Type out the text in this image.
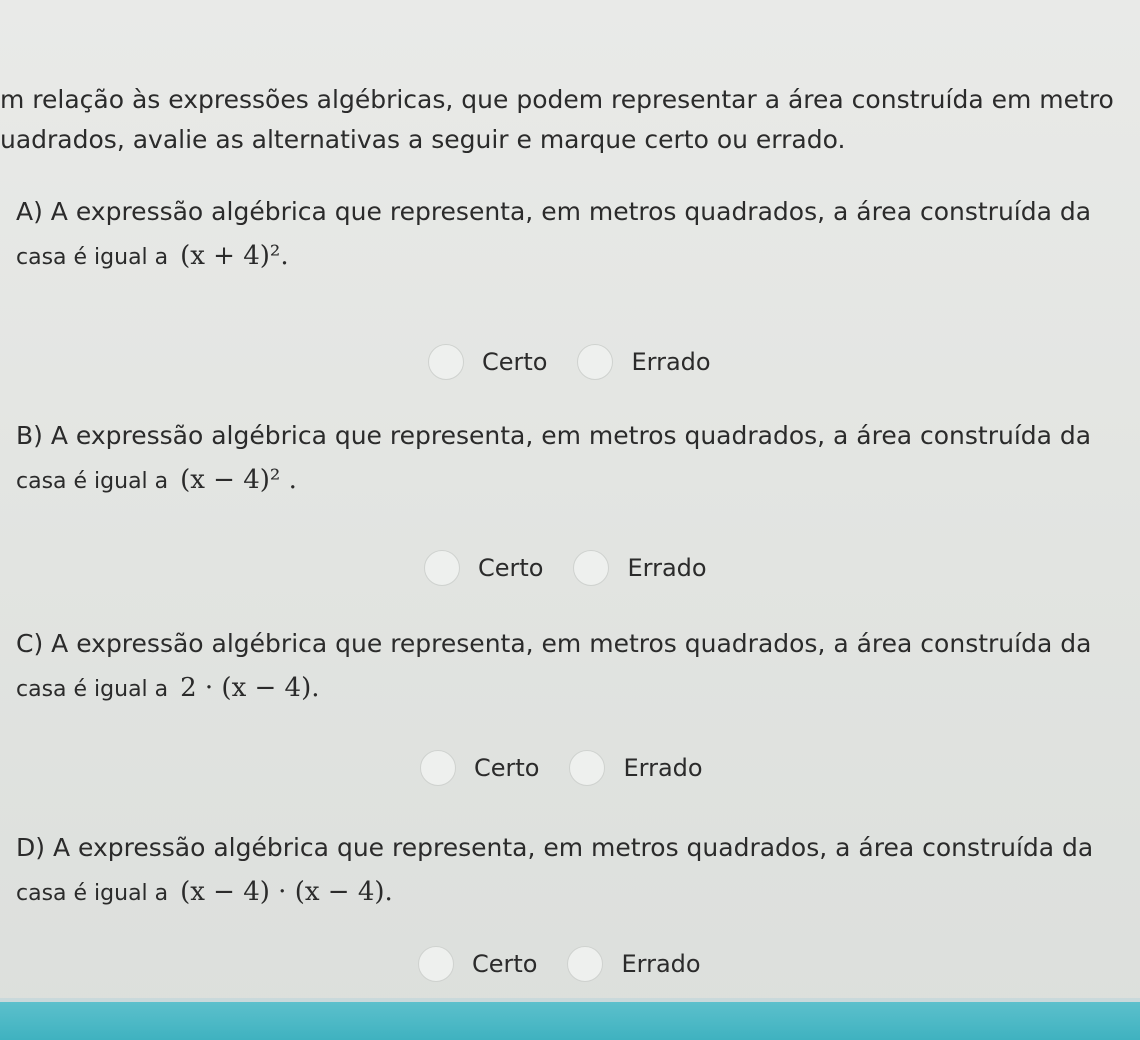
m relação às expressões algébricas, que podem representar a área construída em metro
uadrados, avalie as alternativas a seguir e marque certo ou errado.

A) A expressão algébrica que representa, em metros quadrados, a área construída da
casa é igual a (x + 4)².

Certo	Errado

B) A expressão algébrica que representa, em metros quadrados, a área construída da
casa é igual a (x − 4)² .

Certo	Errado

C) A expressão algébrica que representa, em metros quadrados, a área construída da
casa é igual a 2 · (x − 4).

Certo	Errado

D) A expressão algébrica que representa, em metros quadrados, a área construída da
casa é igual a (x − 4) · (x − 4).

Certo	Errado
